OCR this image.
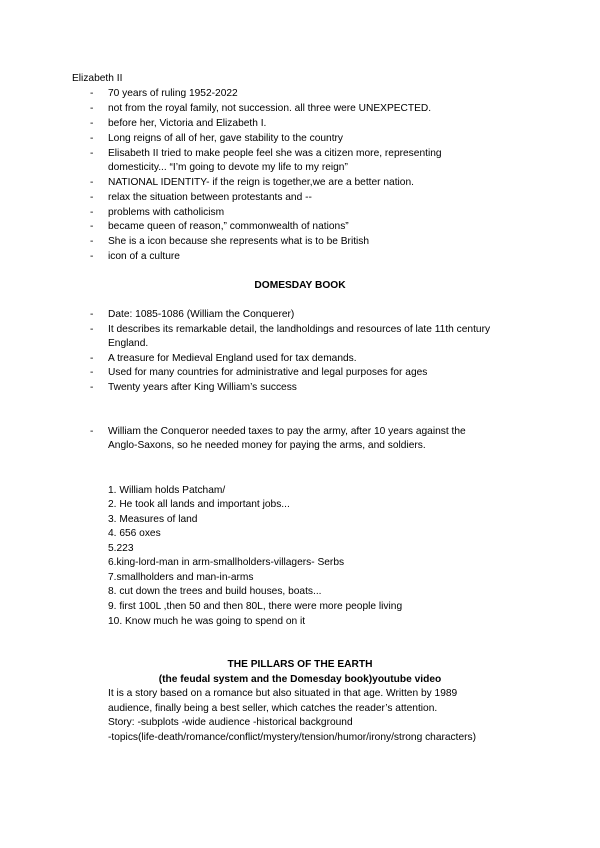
Elizabeth II
-	70 years of ruling 1952-2022
-	not from the royal family, not succession. all three were UNEXPECTED.
-	before her, Victoria and Elizabeth I.
-	Long reigns of all of her, gave stability to the country
-	Elisabeth II tried to make people feel she was a citizen more, representing
domesticity... “I’m going to devote my life to my reign”
-	NATIONAL IDENTITY- if the reign is together,we are a better nation.
-	relax the situation between protestants and --
-	problems with catholicism
-	became queen of reason,” commonwealth of nations”
-	She is a icon because she represents what is to be British
-	icon of a culture
DOMESDAY BOOK
-	Date: 1085-1086 (William the Conquerer)
-	It describes its remarkable detail, the landholdings and resources of late 11th century
England.
-	A treasure for Medieval England used for tax demands.
-	Used for many countries for administrative and legal purposes for ages
-	Twenty years after King William’s success
-	William the Conqueror needed taxes to pay the army, after 10 years against the
Anglo-Saxons, so he needed money for paying the arms, and soldiers.
1. William holds Patcham/
2. He took all lands and important jobs...
3. Measures of land
4. 656 oxes
5.223
6.king-lord-man in arm-smallholders-villagers- Serbs
7.smallholders and man-in-arms
8. cut down the trees and build houses, boats...
9. first 100L ,then 50 and then 80L, there were more people living
10. Know much he was going to spend on it
THE PILLARS OF THE EARTH
(the feudal system and the Domesday book)youtube video
It is a story based on a romance but also situated in that age. Written by 1989
audience, finally being a best seller, which catches the reader’s attention.
Story: -subplots -wide audience -historical background
-topics(life-death/romance/conflict/mystery/tension/humor/irony/strong characters)
